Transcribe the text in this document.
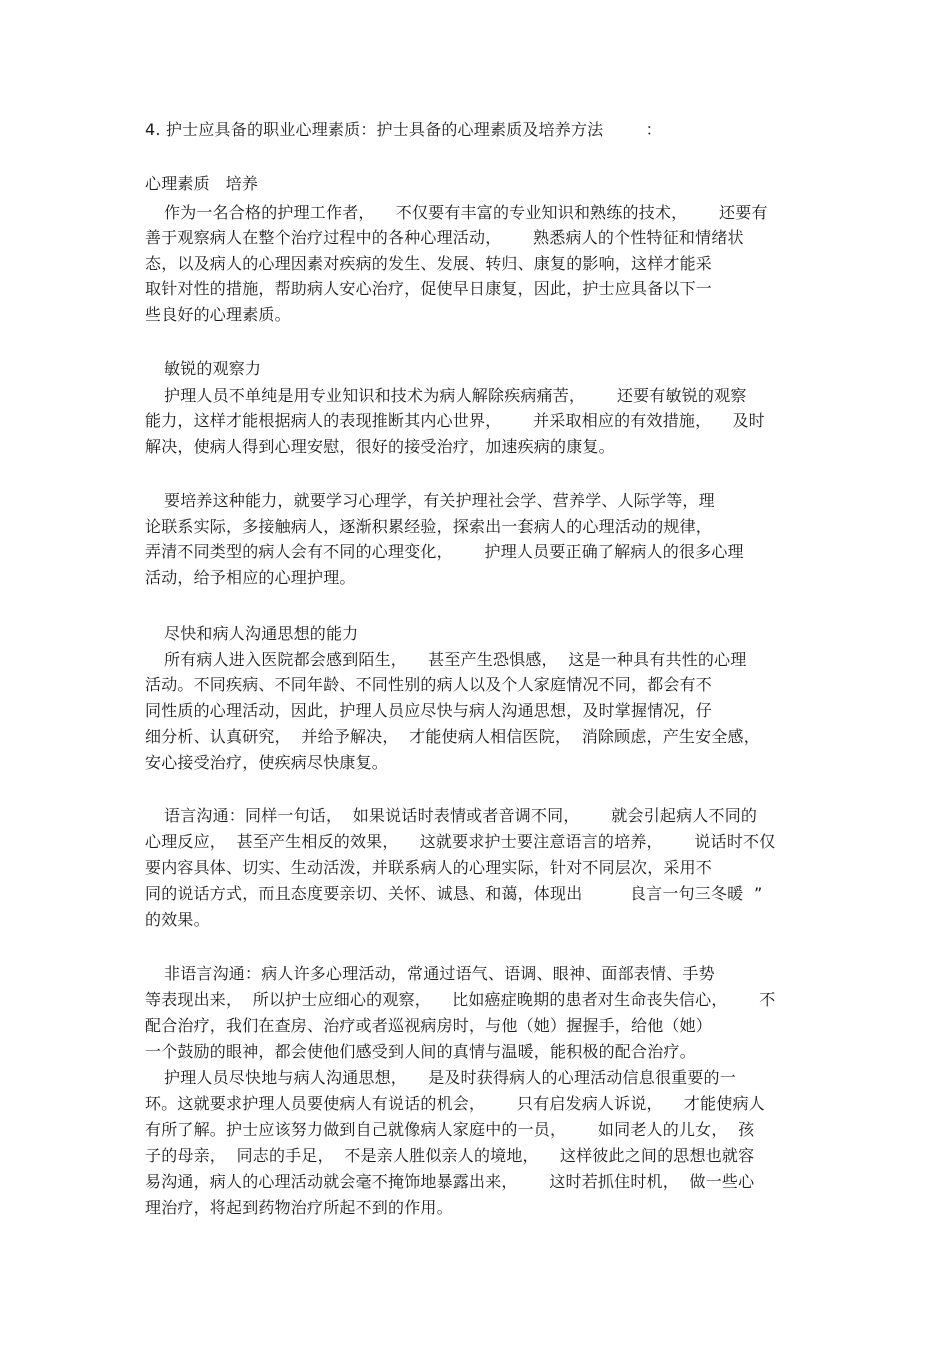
4. 护士应具备的职业心理素质：护士具备的心理素质及培养方法        ：
心理素质   培养
作为一名合格的护理工作者，    不仅要有丰富的专业知识和熟练的技术，      还要有
善于观察病人在整个治疗过程中的各种心理活动，      熟悉病人的个性特征和情绪状
态，以及病人的心理因素对疾病的发生、发展、转归、康复的影响，这样才能采
取针对性的措施，帮助病人安心治疗，促使早日康复，因此，护士应具备以下一
些良好的心理素质。
敏锐的观察力
护理人员不单纯是用专业知识和技术为病人解除疾病痛苦，      还要有敏锐的观察
能力，这样才能根据病人的表现推断其内心世界，      并采取相应的有效措施，    及时
解决，使病人得到心理安慰，很好的接受治疗，加速疾病的康复。
要培养这种能力，就要学习心理学，有关护理社会学、营养学、人际学等，理
论联系实际，多接触病人，逐渐积累经验，探索出一套病人的心理活动的规律，
弄清不同类型的病人会有不同的心理变化，      护理人员要正确了解病人的很多心理
活动，给予相应的心理护理。
尽快和病人沟通思想的能力
所有病人进入医院都会感到陌生，    甚至产生恐惧感，  这是一种具有共性的心理
活动。不同疾病、不同年龄、不同性别的病人以及个人家庭情况不同，都会有不
同性质的心理活动，因此，护理人员应尽快与病人沟通思想，及时掌握情况，仔
细分析、认真研究，  并给予解决，  才能使病人相信医院，  消除顾虑，产生安全感，
安心接受治疗，使疾病尽快康复。
语言沟通：同样一句话，  如果说话时表情或者音调不同，      就会引起病人不同的
心理反应，  甚至产生相反的效果，    这就要求护士要注意语言的培养，      说话时不仅
要内容具体、切实、生动活泼，并联系病人的心理实际，针对不同层次，采用不
同的说话方式，而且态度要亲切、关怀、诚恳、和蔼，体现出         良言一句三冬暖  ”
的效果。
非语言沟通：病人许多心理活动，常通过语气、语调、眼神、面部表情、手势
等表现出来，  所以护士应细心的观察，    比如癌症晚期的患者对生命丧失信心，      不
配合治疗，我们在查房、治疗或者巡视病房时，与他（她）握握手，给他（她）
一个鼓励的眼神，都会使他们感受到人间的真情与温暖，能积极的配合治疗。
护理人员尽快地与病人沟通思想，    是及时获得病人的心理活动信息很重要的一
环。这就要求护理人员要使病人有说话的机会，      只有启发病人诉说，    才能使病人
有所了解。护士应该努力做到自己就像病人家庭中的一员，      如同老人的儿女，  孩
子的母亲，  同志的手足，  不是亲人胜似亲人的境地，    这样彼此之间的思想也就容
易沟通，病人的心理活动就会毫不掩饰地暴露出来，      这时若抓住时机，  做一些心
理治疗，将起到药物治疗所起不到的作用。
